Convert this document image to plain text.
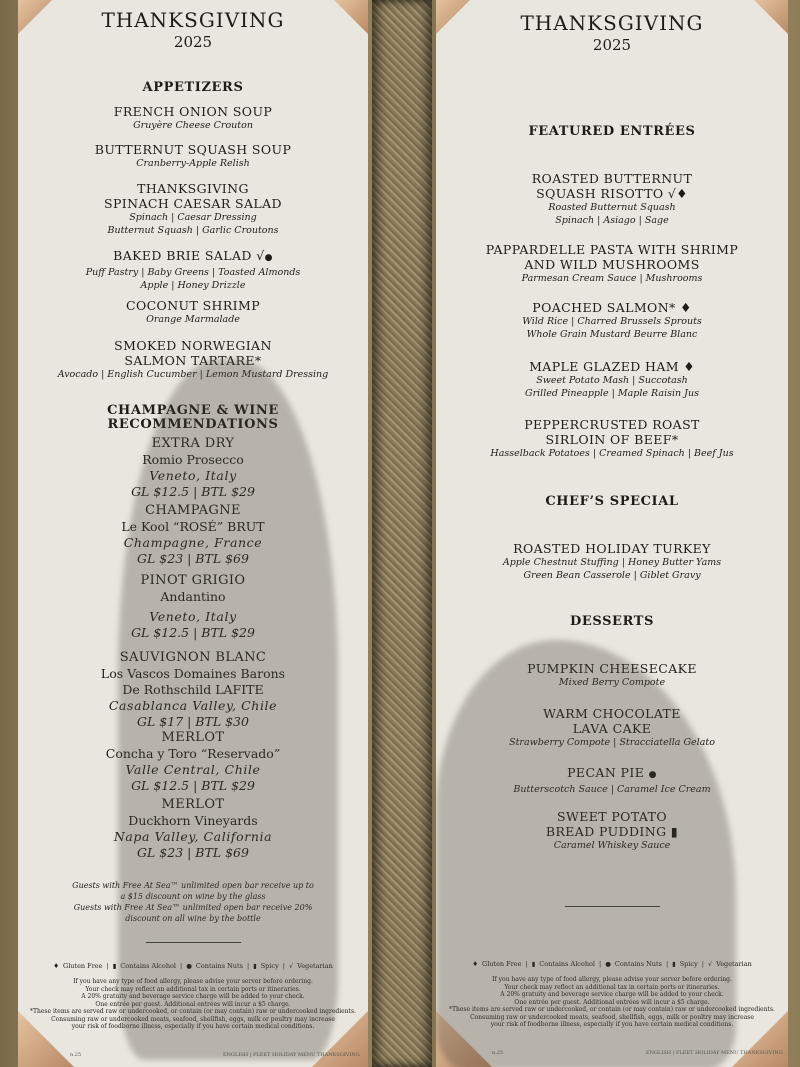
THANKSGIVING

2025

APPETIZERS

FRENCH ONION SOUP

Gruyère Cheese Crouton

BUTTERNUT SQUASH SOUP

Cranberry-Apple Relish

THANKSGIVING
SPINACH CAESAR SALAD

Spinach | Caesar Dressing
Butternut Squash | Garlic Croutons

BAKED BRIE SALAD √●

Puff Pastry | Baby Greens | Toasted Almonds
Apple | Honey Drizzle

COCONUT SHRIMP

Orange Marmalade

SMOKED NORWEGIAN
SALMON TARTARE*

Avocado | English Cucumber | Lemon Mustard Dressing

CHAMPAGNE & WINE
RECOMMENDATIONS

EXTRA DRY

Romio Prosecco

Veneto, Italy

GL $12.5 | BTL $29

CHAMPAGNE

Le Kool “ROSÉ” BRUT

Champagne, France

GL $23 | BTL $69

PINOT GRIGIO

Andantino

Veneto, Italy

GL $12.5 | BTL $29

SAUVIGNON BLANC

Los Vascos Domaines Barons
De Rothschild LAFITE

Casablanca Valley, Chile

GL $17 | BTL $30

MERLOT

Concha y Toro “Reservado”

Valle Central, Chile

GL $12.5 | BTL $29

MERLOT

Duckhorn Vineyards

Napa Valley, California

GL $23 | BTL $69

Guests with Free At Sea™ unlimited open bar receive up to
a $15 discount on wine by the glass
Guests with Free At Sea™ unlimited open bar receive 20%
discount on all wine by the bottle

♦ Gluten Free | ▮ Contains Alcohol | ● Contains Nuts | ▮ Spicy | √ Vegetarian

If you have any type of food allergy, please advise your server before ordering.
Your check may reflect an additional tax in certain ports or itineraries.
A 20% gratuity and beverage service charge will be added to your check.
One entrée per guest. Additional entrées will incur a $5 charge.
*These items are served raw or undercooked, or contain (or may contain) raw or undercooked ingredients.
Consuming raw or undercooked meats, seafood, shellfish, eggs, milk or poultry may increase
your risk of foodborne illness, especially if you have certain medical conditions.

n.25	ENGLISH | FLEET HOLIDAY MENU THANKSGIVING

THANKSGIVING

2025

FEATURED ENTRÉES

ROASTED BUTTERNUT
SQUASH RISOTTO √♦

Roasted Butternut Squash
Spinach | Asiago | Sage

PAPPARDELLE PASTA WITH SHRIMP
AND WILD MUSHROOMS

Parmesan Cream Sauce | Mushrooms

POACHED SALMON* ♦

Wild Rice | Charred Brussels Sprouts
Whole Grain Mustard Beurre Blanc

MAPLE GLAZED HAM ♦

Sweet Potato Mash | Succotash
Grilled Pineapple | Maple Raisin Jus

PEPPERCRUSTED ROAST
SIRLOIN OF BEEF*

Hasselback Potatoes | Creamed Spinach | Beef Jus

CHEF’S SPECIAL

ROASTED HOLIDAY TURKEY

Apple Chestnut Stuffing | Honey Butter Yams
Green Bean Casserole | Giblet Gravy

DESSERTS

PUMPKIN CHEESECAKE

Mixed Berry Compote

WARM CHOCOLATE
LAVA CAKE

Strawberry Compote | Stracciatella Gelato

PECAN PIE ●

Butterscotch Sauce | Caramel Ice Cream

SWEET POTATO
BREAD PUDDING ▮

Caramel Whiskey Sauce

♦ Gluten Free | ▮ Contains Alcohol | ● Contains Nuts | ▮ Spicy | √ Vegetarian

If you have any type of food allergy, please advise your server before ordering.
Your check may reflect an additional tax in certain ports or itineraries.
A 20% gratuity and beverage service charge will be added to your check.
One entrée per guest. Additional entrées will incur a $5 charge.
*These items are served raw or undercooked, or contain (or may contain) raw or undercooked ingredients.
Consuming raw or undercooked meats, seafood, shellfish, eggs, milk or poultry may increase
your risk of foodborne illness, especially if you have certain medical conditions.

n.25	ENGLISH | FLEET HOLIDAY MENU THANKSGIVING
